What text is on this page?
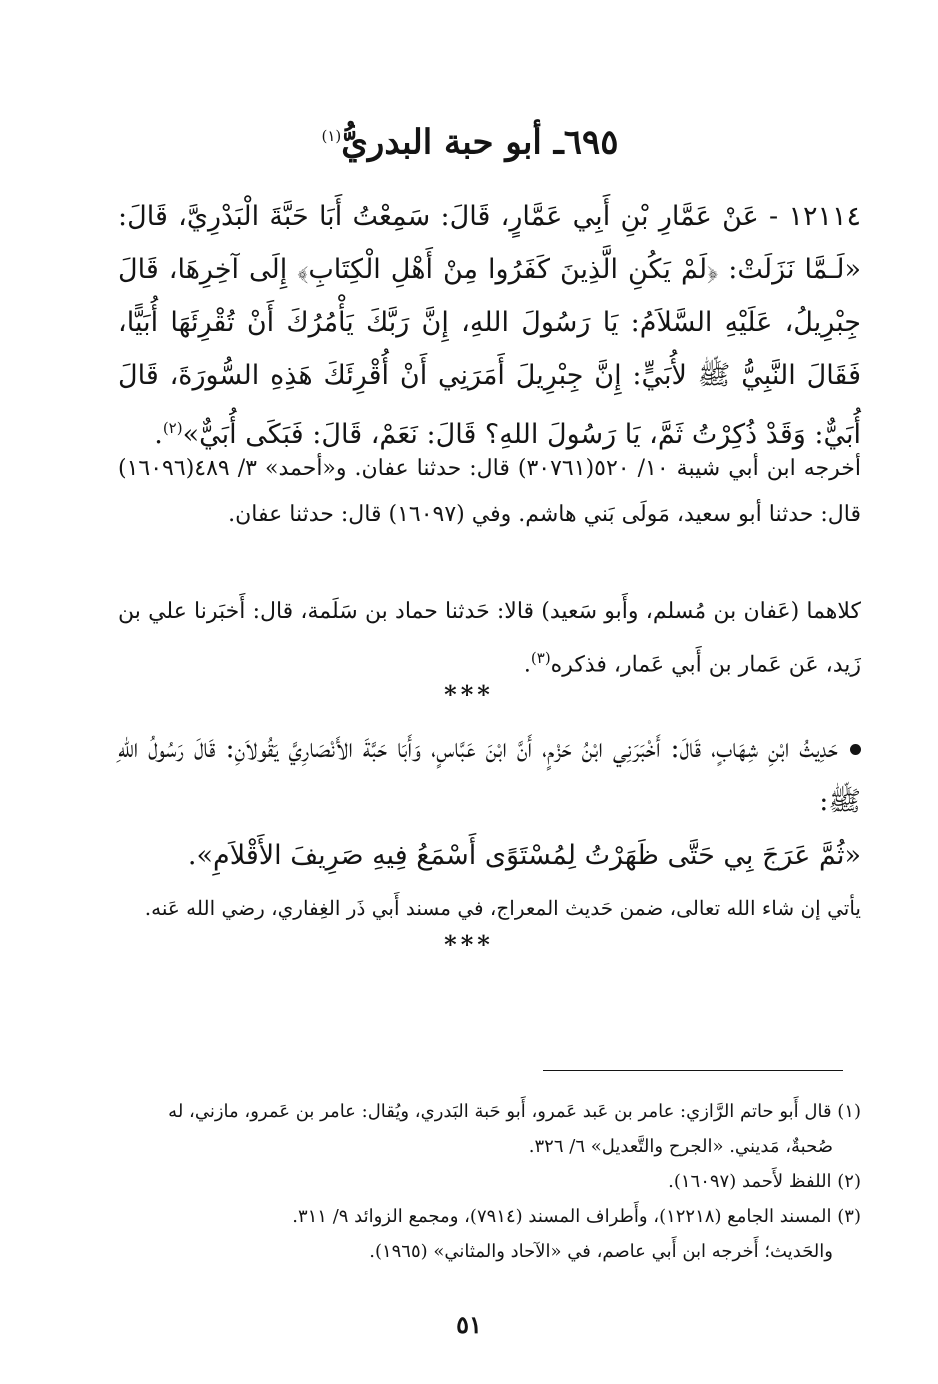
٦٩٥ـ أبو حبة البدريُّ$^{(١)}$

١٢١١٤ - عَنْ عَمَّارِ بْنِ أَبِي عَمَّارٍ، قَالَ: سَمِعْتُ أَبَا حَبَّةَ الْبَدْرِيَّ، قَالَ: «لَـمَّا نَزَلَتْ: ﴿لَمْ يَكُنِ الَّذِينَ كَفَرُوا مِنْ أَهْلِ الْكِتَابِ﴾ إِلَى آخِرِهَا، قَالَ جِبْرِيلُ، عَلَيْهِ السَّلاَمُ: يَا رَسُولَ اللهِ، إِنَّ رَبَّكَ يَأْمُرُكَ أَنْ تُقْرِئَهَا أُبَيًّا، فَقَالَ النَّبِيُّ ﷺ لأُبَيٍّ: إِنَّ جِبْرِيلَ أَمَرَنِي أَنْ أُقْرِئَكَ هَذِهِ السُّورَةَ، قَالَ أُبَيٌّ: وَقَدْ ذُكِرْتُ ثَمَّ، يَا رَسُولَ اللهِ؟ قَالَ: نَعَمْ، قَالَ: فَبَكَى أُبَيٌّ»$^{(٢)}$.

أخرجه ابن أبي شيبة ١٠/ ٥٢٠(٣٠٧٦١) قال: حدثنا عفان. و«أحمد» ٣/ ٤٨٩(١٦٠٩٦) قال: حدثنا أبو سعيد، مَولَى بَني هاشم. وفي (١٦٠٩٧) قال: حدثنا عفان.

كلاهما (عَفان بن مُسلم، وأَبو سَعيد) قالا: حَدثنا حماد بن سَلَمة، قال: أَخبَرنا علي بن زَيد، عَن عَمار بن أَبي عَمار، فذكره$^{(٣)}$.

***

حَدِيثُ ابْنِ شِهَابٍ، قَالَ: أَخْبَرَنِي ابْنُ حَزْمٍ، أَنَّ ابْنَ عَبَّاسٍ، وَأَبَا حَبَّةَ الأَنْصَارِيَّ يَقُولاَنِ: قَالَ رَسُولُ اللهِ ﷺ:

«ثُمَّ عَرَجَ بِي حَتَّى ظَهَرْتُ لِمُسْتَوًى أَسْمَعُ فِيهِ صَرِيفَ الأَقْلاَمِ».

يأتي إن شاء الله تعالى، ضمن حَديث المعراج، في مسند أَبي ذَر الغِفاري، رضي الله عَنه.

***

(١) قال أَبو حاتم الرَّازي: عامر بن عَبد عَمرو، أَبو حَبة البَدري، ويُقال: عامر بن عَمرو، مازني، له
صُحبةٌ، مَديني. «الجرح والتَّعديل» ٦/ ٣٢٦.
(٢) اللفظ لأَحمد (١٦٠٩٧).
(٣) المسند الجامع (١٢٢١٨)، وأَطراف المسند (٧٩١٤)، ومجمع الزوائد ٩/ ٣١١.
والحَديث؛ أَخرجه ابن أَبي عاصم، في «الآحاد والمثاني» (١٩٦٥).

٥١
